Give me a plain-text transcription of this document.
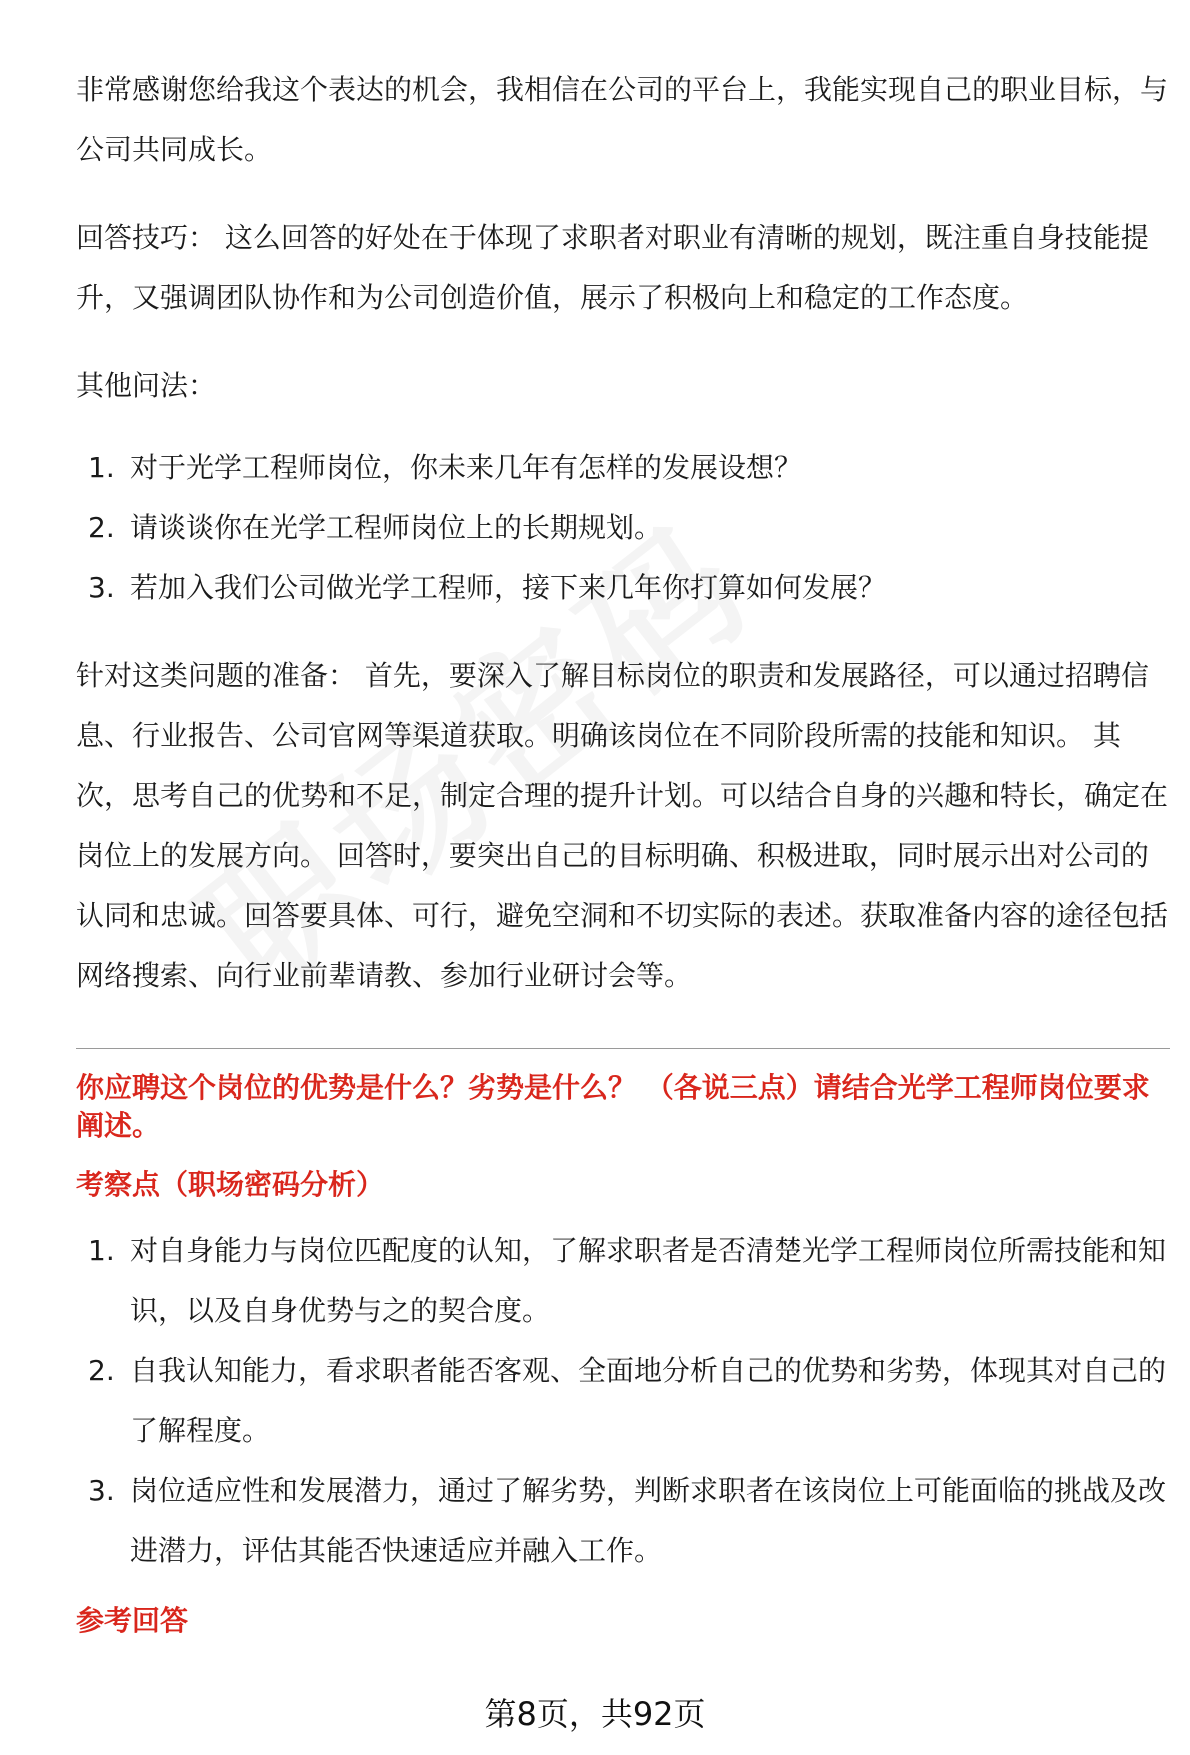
非常感谢您给我这个表达的机会，我相信在公司的平台上，我能实现自己的职业目标，与公司共同成长。

回答技巧： 这么回答的好处在于体现了求职者对职业有清晰的规划，既注重自身技能提升，又强调团队协作和为公司创造价值，展示了积极向上和稳定的工作态度。

其他问法：

1. 对于光学工程师岗位，你未来几年有怎样的发展设想？
2. 请谈谈你在光学工程师岗位上的长期规划。
3. 若加入我们公司做光学工程师，接下来几年你打算如何发展？

针对这类问题的准备： 首先，要深入了解目标岗位的职责和发展路径，可以通过招聘信息、行业报告、公司官网等渠道获取。明确该岗位在不同阶段所需的技能和知识。 其次，思考自己的优势和不足，制定合理的提升计划。可以结合自身的兴趣和特长，确定在岗位上的发展方向。 回答时，要突出自己的目标明确、积极进取，同时展示出对公司的认同和忠诚。回答要具体、可行，避免空洞和不切实际的表述。获取准备内容的途径包括网络搜索、向行业前辈请教、参加行业研讨会等。

你应聘这个岗位的优势是什么？劣势是什么？ （各说三点）请结合光学工程师岗位要求阐述。

考察点（职场密码分析）

1. 对自身能力与岗位匹配度的认知，了解求职者是否清楚光学工程师岗位所需技能和知识，以及自身优势与之的契合度。
2. 自我认知能力，看求职者能否客观、全面地分析自己的优势和劣势，体现其对自己的了解程度。
3. 岗位适应性和发展潜力，通过了解劣势，判断求职者在该岗位上可能面临的挑战及改进潜力，评估其能否快速适应并融入工作。

参考回答

第8页，共92页
